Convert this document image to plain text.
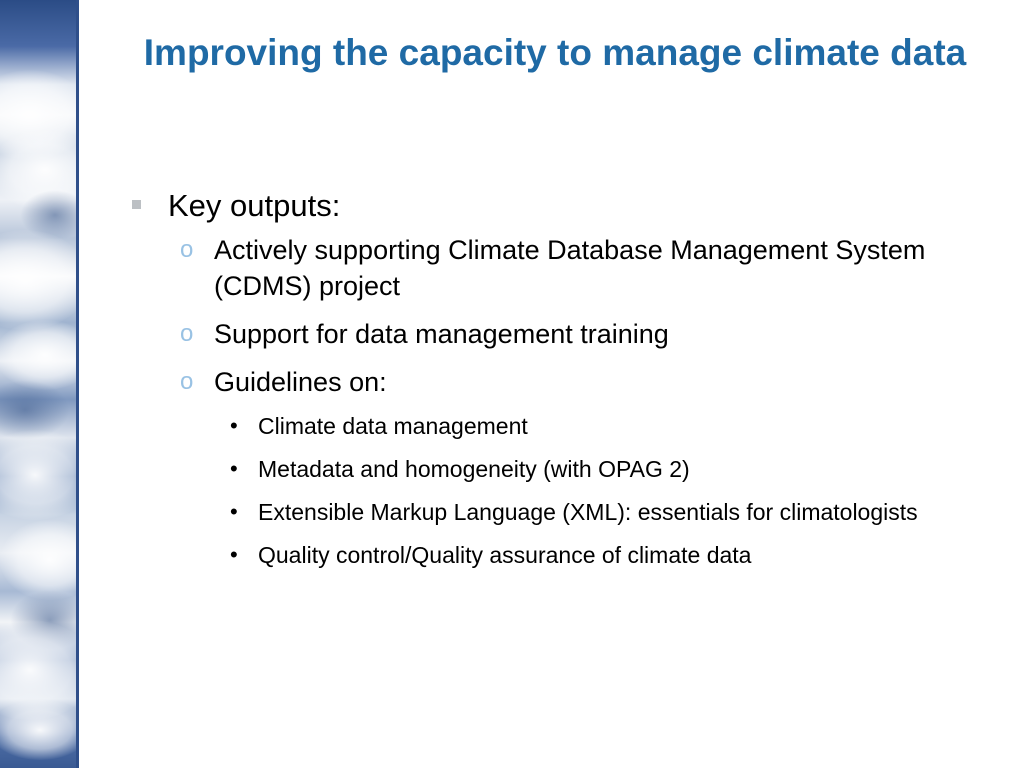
Improving the capacity to manage climate data
Key outputs:
o Actively supporting Climate Database Management System (CDMS) project
o Support for data management training
o Guidelines on:
• Climate data management
• Metadata and homogeneity (with OPAG 2)
• Extensible Markup Language (XML): essentials for climatologists
• Quality control/Quality assurance of climate data
